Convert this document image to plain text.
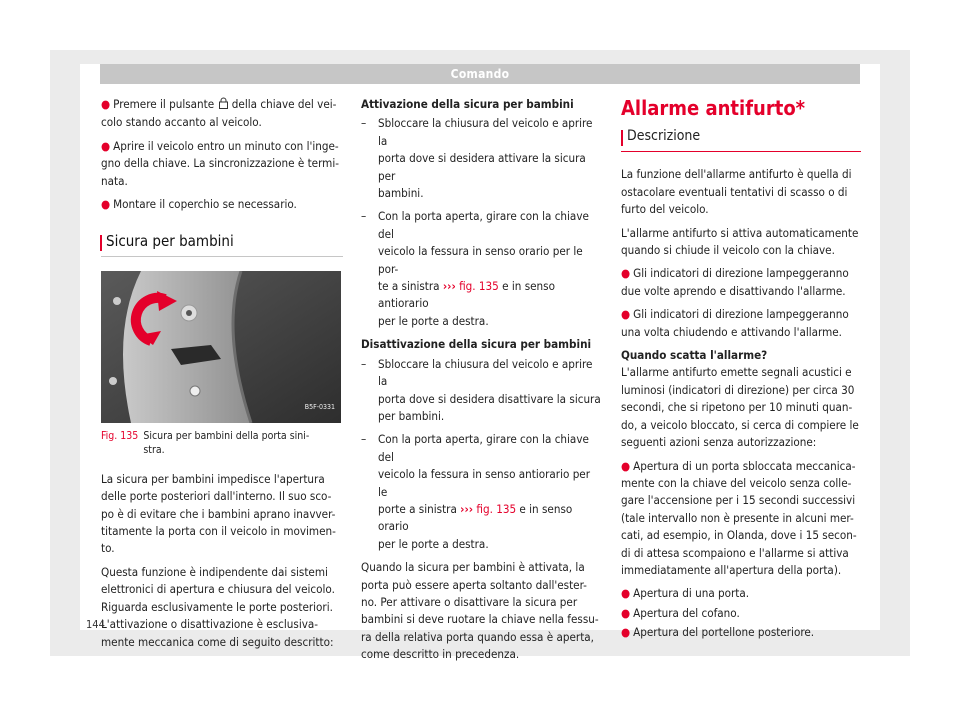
Comando

● Premere il pulsante  della chiave del vei-
colo stando accanto al veicolo.

● Aprire il veicolo entro un minuto con l'inge-
gno della chiave. La sincronizzazione è termi-
nata.

● Montare il coperchio se necessario.

Sicura per bambini
B5F-0331
Fig. 135 Sicura per bambini della porta sini-
stra.

La sicura per bambini impedisce l'apertura
delle porte posteriori dall'interno. Il suo sco-
po è di evitare che i bambini aprano inavver-
titamente la porta con il veicolo in movimen-
to.

Questa funzione è indipendente dai sistemi
elettronici di apertura e chiusura del veicolo.
Riguarda esclusivamente le porte posteriori.
L'attivazione o disattivazione è esclusiva-
mente meccanica come di seguito descritto:

Attivazione della sicura per bambini

– Sbloccare la chiusura del veicolo e aprire la
porta dove si desidera attivare la sicura per
bambini.
– Con la porta aperta, girare con la chiave del
veicolo la fessura in senso orario per le por-
te a sinistra ››› fig. 135 e in senso antiorario
per le porte a destra.

Disattivazione della sicura per bambini

– Sbloccare la chiusura del veicolo e aprire la
porta dove si desidera disattivare la sicura
per bambini.
– Con la porta aperta, girare con la chiave del
veicolo la fessura in senso antiorario per le
porte a sinistra ››› fig. 135 e in senso orario
per le porte a destra.

Quando la sicura per bambini è attivata, la
porta può essere aperta soltanto dall'ester-
no. Per attivare o disattivare la sicura per
bambini si deve ruotare la chiave nella fessu-
ra della relativa porta quando essa è aperta,
come descritto in precedenza.

Allarme antifurto*
Descrizione

La funzione dell'allarme antifurto è quella di
ostacolare eventuali tentativi di scasso o di
furto del veicolo.

L'allarme antifurto si attiva automaticamente
quando si chiude il veicolo con la chiave.

● Gli indicatori di direzione lampeggeranno
due volte aprendo e disattivando l'allarme.

● Gli indicatori di direzione lampeggeranno
una volta chiudendo e attivando l'allarme.

Quando scatta l'allarme?

L'allarme antifurto emette segnali acustici e
luminosi (indicatori di direzione) per circa 30
secondi, che si ripetono per 10 minuti quan-
do, a veicolo bloccato, si cerca di compiere le
seguenti azioni senza autorizzazione:

● Apertura di un porta sbloccata meccanica-
mente con la chiave del veicolo senza colle-
gare l'accensione per i 15 secondi successivi
(tale intervallo non è presente in alcuni mer-
cati, ad esempio, in Olanda, dove i 15 secon-
di di attesa scompaiono e l'allarme si attiva
immediatamente all'apertura della porta).

● Apertura di una porta.

● Apertura del cofano.

● Apertura del portellone posteriore.

144
